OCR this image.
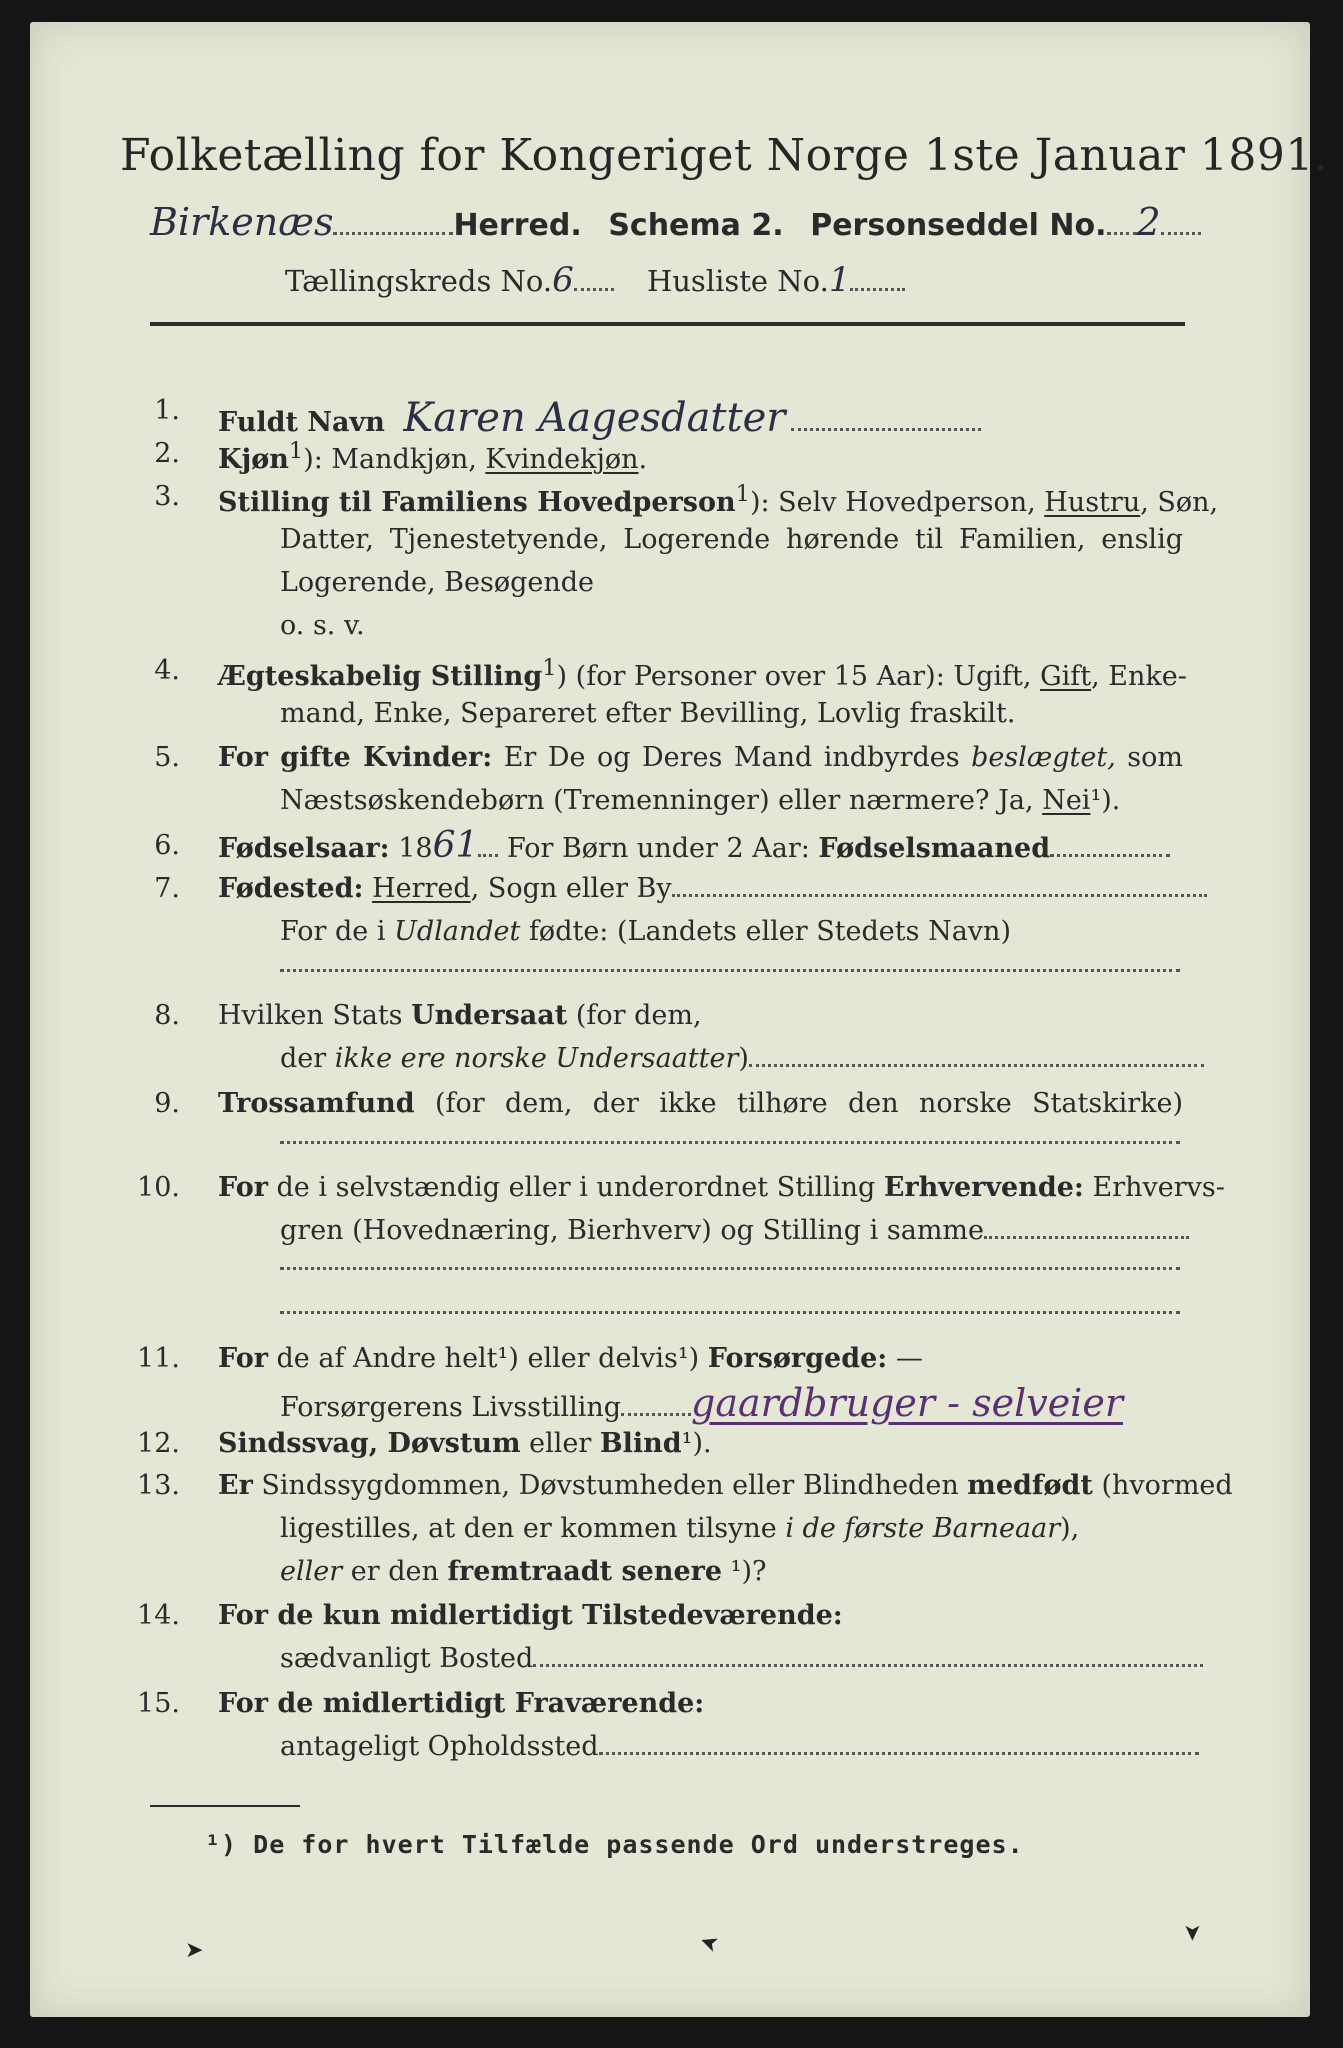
Folketælling for Kongeriget Norge 1ste Januar 1891.
Birkenæs	Herred. Schema 2. Personseddel No. 2
Tællingskreds No.6	Husliste No.1
1. Fuldt Navn Karen Aagesdatter
2. Kjøn$^1$): Mandkjøn, Kvindekjøn.
3. Stilling til Familiens Hovedperson$^1$): Selv Hovedperson, Hustru, Søn,
Datter, Tjenestetyende, Logerende hørende til Familien, enslig
Logerende, Besøgende
o. s. v.
4. Ægteskabelig Stilling$^1$) (for Personer over 15 Aar): Ugift, Gift, Enke-
mand, Enke, Separeret efter Bevilling, Lovlig fraskilt.
5. For gifte Kvinder: Er De og Deres Mand indbyrdes beslægtet, som
Næstsøskendebørn (Tremenninger) eller nærmere? Ja, Nei¹).
6. Fødselsaar: 1861 For Børn under 2 Aar: Fødselsmaaned
7. Fødested: Herred, Sogn eller By
For de i Udlandet fødte: (Landets eller Stedets Navn)
8. Hvilken Stats Undersaat (for dem,
der ikke ere norske Undersaatter)
9. Trossamfund (for dem, der ikke tilhøre den norske Statskirke)
10. For de i selvstændig eller i underordnet Stilling Erhvervende: Erhvervs-
gren (Hovednæring, Bierhverv) og Stilling i samme
11. For de af Andre helt¹) eller delvis¹) Forsørgede: —
Forsørgerens Livsstilling gaardbruger - selveier
12. Sindssvag, Døvstum eller Blind¹).
13. Er Sindssygdommen, Døvstumheden eller Blindheden medfødt (hvormed
ligestilles, at den er kommen tilsyne i de første Barneaar),
eller er den fremtraadt senere ¹)?
14. For de kun midlertidigt Tilstedeværende:
sædvanligt Bosted
15. For de midlertidigt Fraværende:
antageligt Opholdssted
¹) De for hvert Tilfælde passende Ord understreges.
➤	➤	➤
